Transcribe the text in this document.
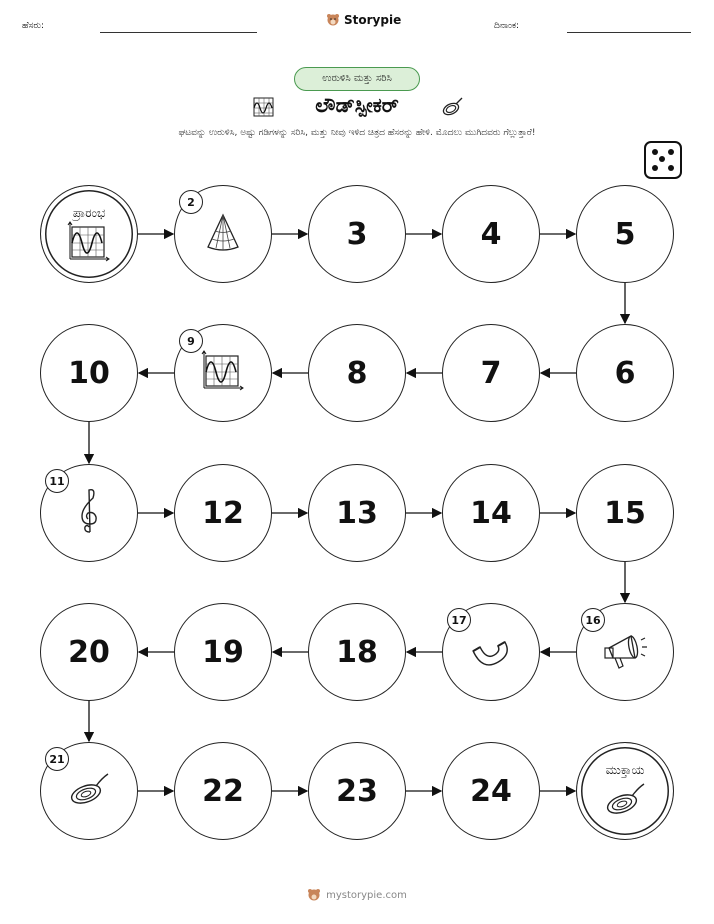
ಹೆಸರು:	Storypie	ದಿನಾಂಕ:
ಉರುಳಿಸಿ ಮತ್ತು ಸರಿಸಿ
ಲೌಡ್‌ಸ್ಪೀಕರ್
ಘಟವನ್ನು ಉರುಳಿಸಿ, ಅಷ್ಟು ಗಡಿಗಳನ್ನು ಸರಿಸಿ, ಮತ್ತು ನೀವು ಇಳಿದ ಚಿತ್ರದ ಹೆಸರನ್ನು ಹೇಳಿ. ಮೊದಲು ಮುಗಿದವರು ಗೆಲ್ಲುತ್ತಾರೆ!
ಪ್ರಾರಂಭ
2
3	4	5
6
7
8
9
10
11
12	13	14	15
16
17
18
19
20
21
22	23	24
ಮುಕ್ತಾಯ
mystorypie.com
